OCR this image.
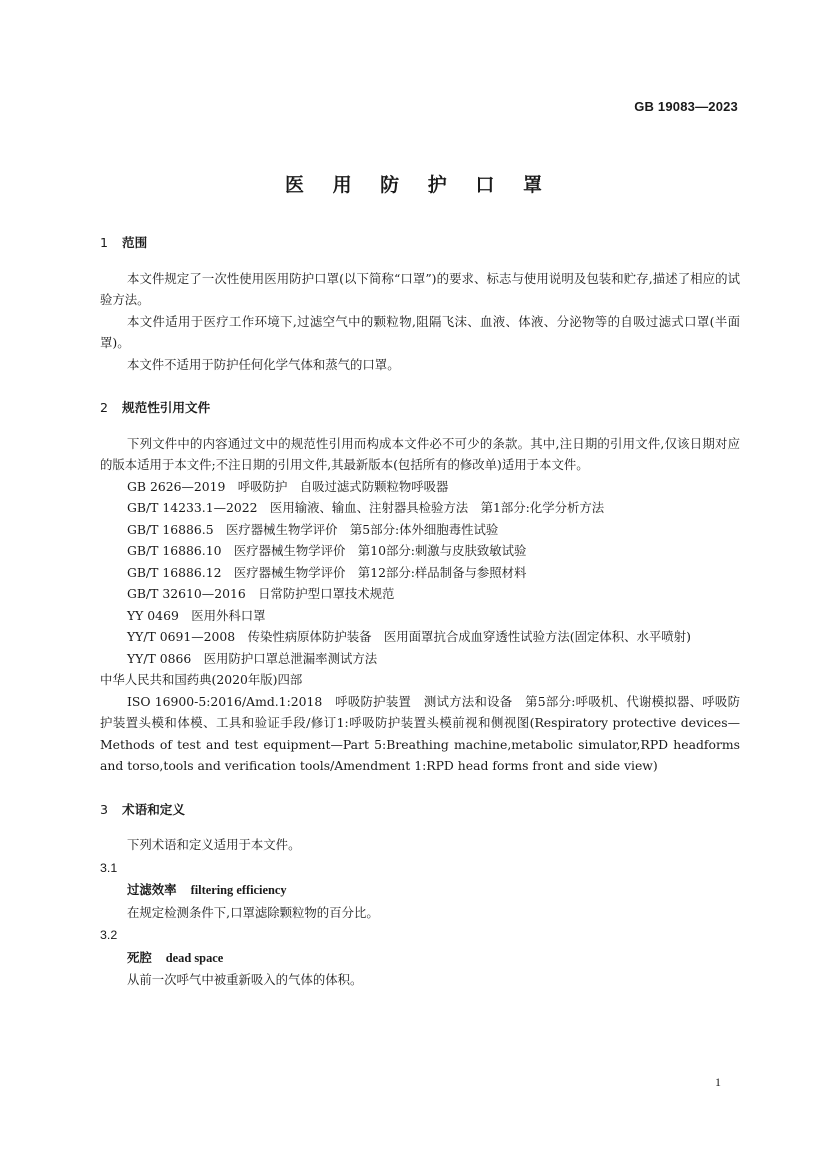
GB 19083—2023
医 用 防 护 口 罩
1 范围

本文件规定了一次性使用医用防护口罩(以下简称“口罩”)的要求、标志与使用说明及包装和贮存,描述了相应的试验方法。

本文件适用于医疗工作环境下,过滤空气中的颗粒物,阻隔飞沫、血液、体液、分泌物等的自吸过滤式口罩(半面罩)。

本文件不适用于防护任何化学气体和蒸气的口罩。

2 规范性引用文件

下列文件中的内容通过文中的规范性引用而构成本文件必不可少的条款。其中,注日期的引用文件,仅该日期对应的版本适用于本文件;不注日期的引用文件,其最新版本(包括所有的修改单)适用于本文件。

GB 2626—2019　呼吸防护　自吸过滤式防颗粒物呼吸器

GB/T 14233.1—2022　医用输液、输血、注射器具检验方法　第1部分:化学分析方法

GB/T 16886.5　医疗器械生物学评价　第5部分:体外细胞毒性试验

GB/T 16886.10　医疗器械生物学评价　第10部分:刺激与皮肤致敏试验

GB/T 16886.12　医疗器械生物学评价　第12部分:样品制备与参照材料

GB/T 32610—2016　日常防护型口罩技术规范

YY 0469　医用外科口罩

YY/T 0691—2008　传染性病原体防护装备　医用面罩抗合成血穿透性试验方法(固定体积、水平喷射)

YY/T 0866　医用防护口罩总泄漏率测试方法

中华人民共和国药典(2020年版)四部

ISO 16900-5:2016/Amd.1:2018　呼吸防护装置　测试方法和设备　第5部分:呼吸机、代谢模拟器、呼吸防护装置头模和体模、工具和验证手段/修订1:呼吸防护装置头模前视和侧视图(Respiratory protective devices—Methods of test and test equipment—Part 5:Breathing machine,metabolic simulator,RPD headforms and torso,tools and verification tools/Amendment 1:RPD head forms front and side view)

3 术语和定义

下列术语和定义适用于本文件。

3.1

过滤效率 filtering efficiency

在规定检测条件下,口罩滤除颗粒物的百分比。

3.2

死腔 dead space

从前一次呼气中被重新吸入的气体的体积。

1
